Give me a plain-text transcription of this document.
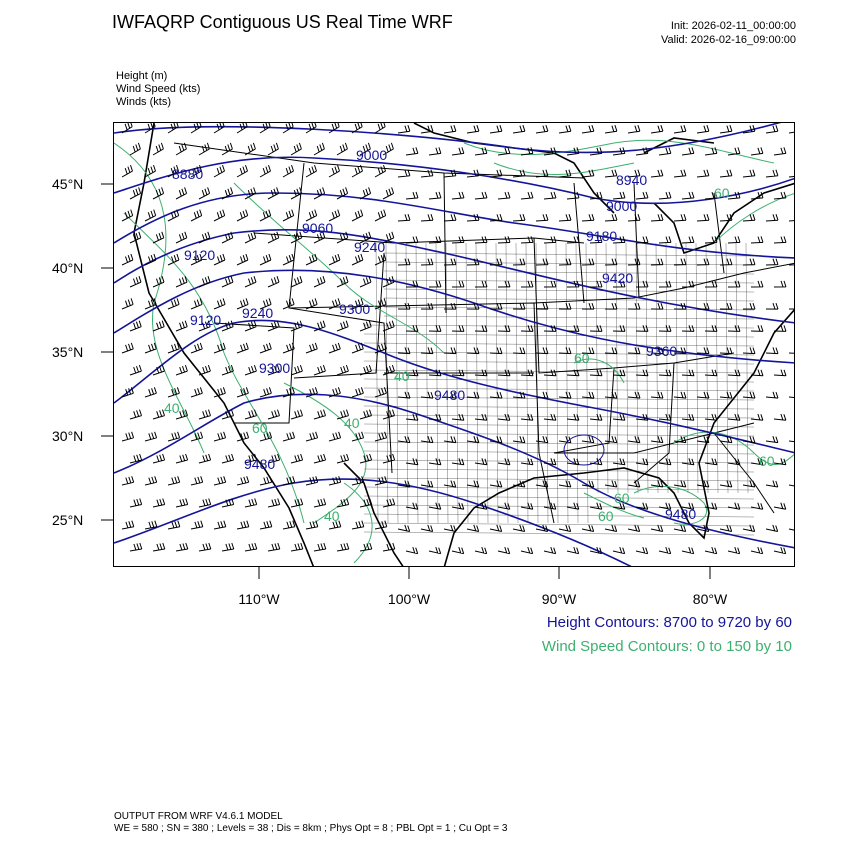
IWFAQRP Contiguous US Real Time WRF	Init: 2026-02-11_00:00:00
Valid: 2026-02-16_09:00:00
Height (m)
Wind Speed (kts)
Winds (kts)
45°N
40°N
35°N
30°N
25°N
110°W	100°W	90°W	80°W
8880
9000
8940
9120
9060
9240
9180
9300
9240
9120
9360
9300
9420
9480
9480
9000
9480
60
60
40
40
60
60
60
40
60
40
Height Contours: 8700 to 9720 by 60
Wind Speed Contours: 0 to 150 by 10
OUTPUT FROM WRF V4.6.1 MODEL
WE = 580 ; SN = 380 ; Levels = 38 ; Dis = 8km ; Phys Opt = 8 ; PBL Opt = 1 ; Cu Opt = 3
